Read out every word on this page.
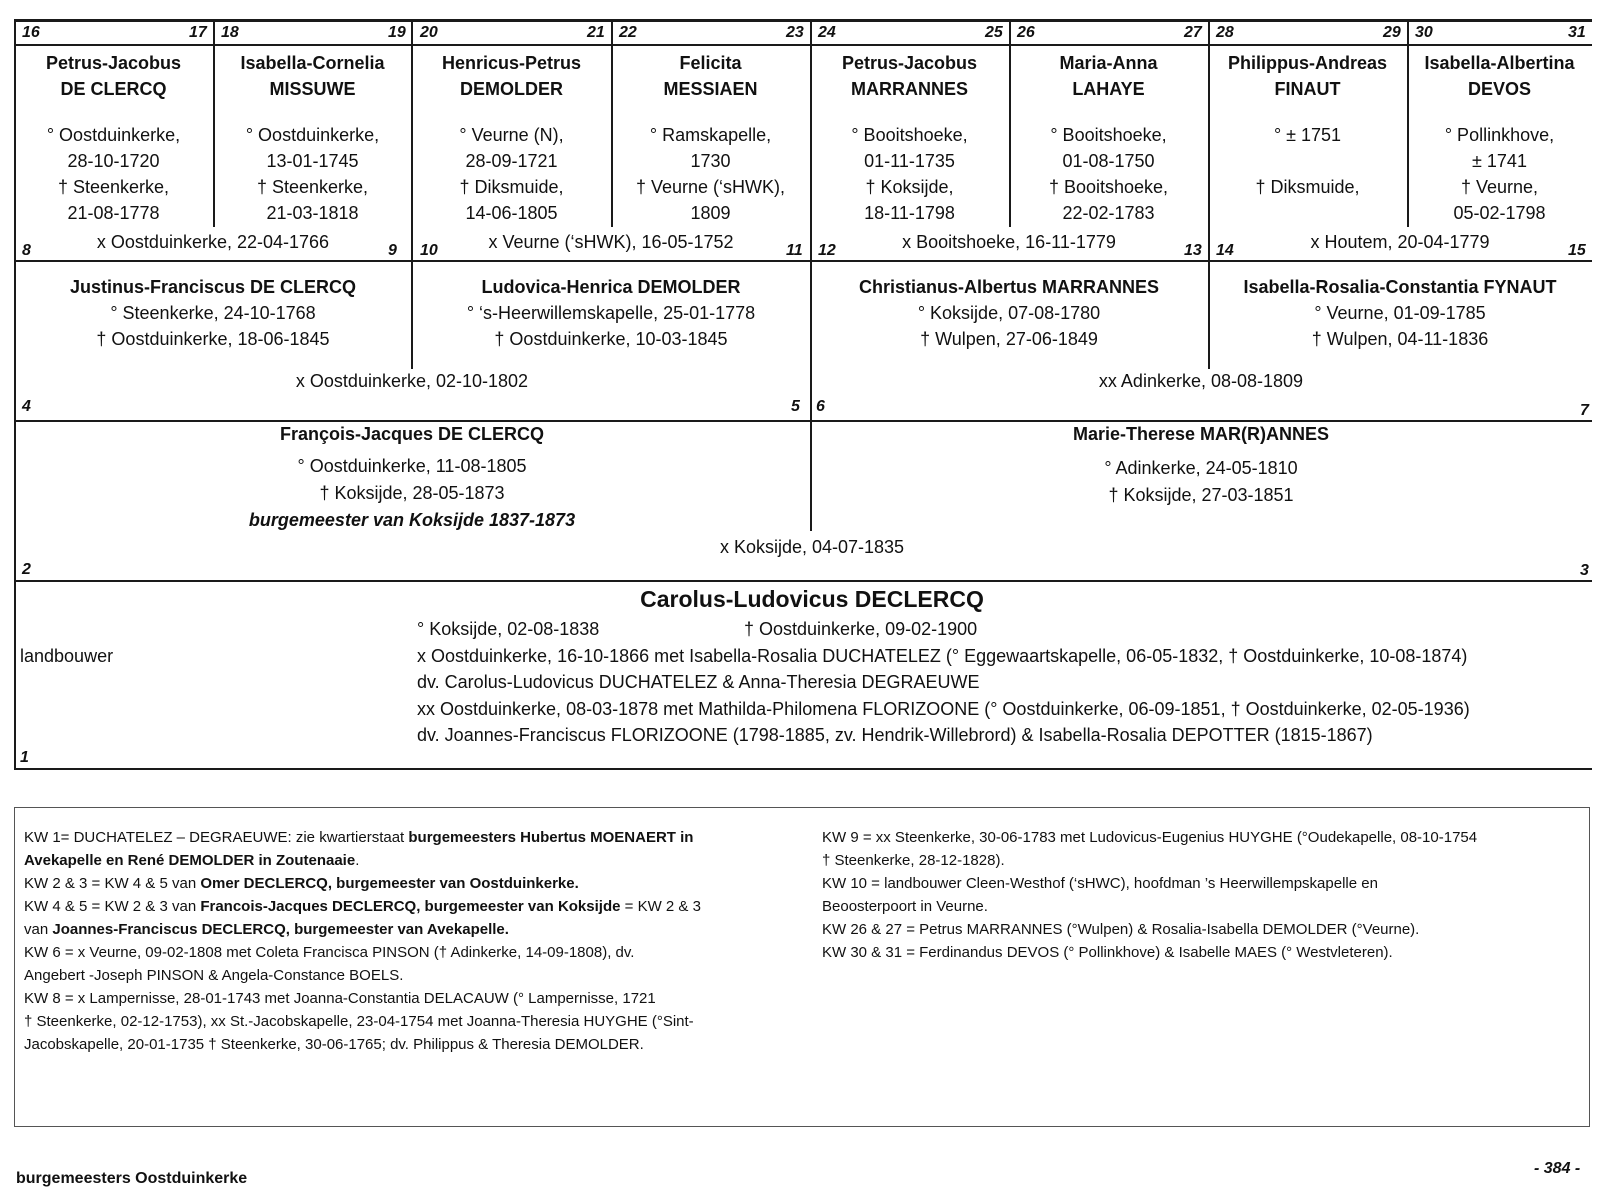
16	17
Petrus-Jacobus
DE CLERCQ
° Oostduinkerke,
28-10-1720
† Steenkerke,
21-08-1778
18	19
Isabella-Cornelia
MISSUWE
° Oostduinkerke,
13-01-1745
† Steenkerke,
21-03-1818
20	21
Henricus-Petrus
DEMOLDER
° Veurne (N),
28-09-1721
† Diksmuide,
14-06-1805
22	23
Felicita
MESSIAEN
° Ramskapelle,
1730
† Veurne (‘sHWK),
1809
24	25
Petrus-Jacobus
MARRANNES
° Booitshoeke,
01-11-1735
† Koksijde,
18-11-1798
26	27
Maria-Anna
LAHAYE
° Booitshoeke,
01-08-1750
† Booitshoeke,
22-02-1783
28	29
Philippus-Andreas
FINAUT
° ± 1751
† Diksmuide,
30	31
Isabella-Albertina
DEVOS
° Pollinkhove,
± 1741
† Veurne,
05-02-1798
x Oostduinkerke, 22-04-1766	x Veurne (‘sHWK), 16-05-1752	x Booitshoeke, 16-11-1779	x Houtem, 20-04-1779
8	9
Justinus-Franciscus DE CLERCQ
° Steenkerke, 24-10-1768
† Oostduinkerke, 18-06-1845
10	11
Ludovica-Henrica DEMOLDER
° ‘s-Heerwillemskapelle, 25-01-1778
† Oostduinkerke, 10-03-1845
12	13
Christianus-Albertus MARRANNES
° Koksijde, 07-08-1780
† Wulpen, 27-06-1849
14	15
Isabella-Rosalia-Constantia FYNAUT
° Veurne, 01-09-1785
† Wulpen, 04-11-1836
x Oostduinkerke, 02-10-1802	xx Adinkerke, 08-08-1809
4	5 6	7
François-Jacques DE CLERCQ
° Oostduinkerke, 11-08-1805
† Koksijde, 28-05-1873
burgemeester van Koksijde 1837-1873
Marie-Therese MAR(R)ANNES
° Adinkerke, 24-05-1810
† Koksijde, 27-03-1851
x Koksijde, 04-07-1835
2	3
Carolus-Ludovicus DECLERCQ
landbouwer
° Koksijde, 02-08-1838	† Oostduinkerke, 09-02-1900
x Oostduinkerke, 16-10-1866 met Isabella-Rosalia DUCHATELEZ (° Eggewaartskapelle, 06-05-1832, † Oostduinkerke, 10-08-1874)
dv. Carolus-Ludovicus DUCHATELEZ & Anna-Theresia DEGRAEUWE
xx Oostduinkerke, 08-03-1878 met Mathilda-Philomena FLORIZOONE (° Oostduinkerke, 06-09-1851, † Oostduinkerke, 02-05-1936)
dv. Joannes-Franciscus FLORIZOONE (1798-1885, zv. Hendrik-Willebrord) & Isabella-Rosalia DEPOTTER (1815-1867)
1

KW 1= DUCHATELEZ – DEGRAEUWE: zie kwartierstaat burgemeesters Hubertus MOENAERT in

Avekapelle en René DEMOLDER in Zoutenaaie.

KW 2 & 3 = KW 4 & 5 van Omer DECLERCQ, burgemeester van Oostduinkerke.

KW 4 & 5 = KW 2 & 3 van Francois-Jacques DECLERCQ, burgemeester van Koksijde = KW 2 & 3

van Joannes-Franciscus DECLERCQ, burgemeester van Avekapelle.

KW 6 = x Veurne, 09-02-1808 met Coleta Francisca PINSON († Adinkerke, 14-09-1808), dv.

Angebert -Joseph PINSON & Angela-Constance BOELS.

KW 8 = x Lampernisse, 28-01-1743 met Joanna-Constantia DELACAUW (° Lampernisse, 1721

† Steenkerke, 02-12-1753), xx St.-Jacobskapelle, 23-04-1754 met Joanna-Theresia HUYGHE (°Sint-

Jacobskapelle, 20-01-1735 † Steenkerke, 30-06-1765; dv. Philippus & Theresia DEMOLDER.

KW 9 = xx Steenkerke, 30-06-1783 met Ludovicus-Eugenius HUYGHE (°Oudekapelle, 08-10-1754

† Steenkerke, 28-12-1828).

KW 10 = landbouwer Cleen-Westhof (‘sHWC), hoofdman ’s Heerwillempskapelle en

Beoosterpoort in Veurne.

KW 26 & 27 = Petrus MARRANNES (°Wulpen) & Rosalia-Isabella DEMOLDER (°Veurne).

KW 30 & 31 = Ferdinandus DEVOS (° Pollinkhove) & Isabelle MAES (° Westvleteren).

burgemeesters Oostduinkerke
- 384 -
